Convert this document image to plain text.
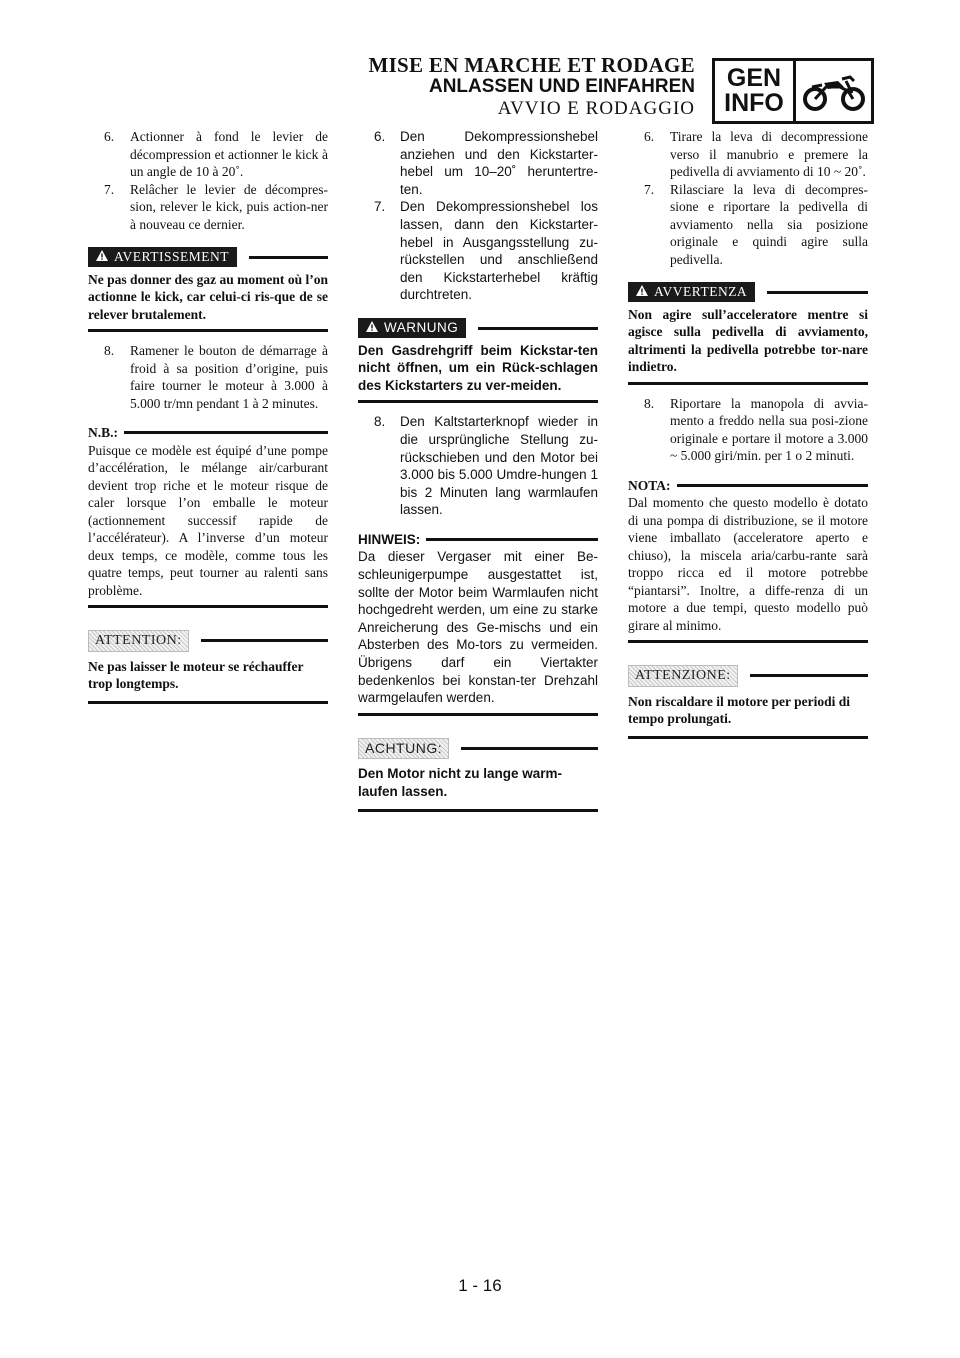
MISE EN MARCHE ET RODAGE
ANLASSEN UND EINFAHREN
AVVIO E RODAGGIO
GEN
INFO
6.	Actionner à fond le levier de décompression et actionner le kick à un angle de 10 à 20˚.
7.	Relâcher le levier de décompres-sion, relever le kick, puis action-ner à nouveau ce dernier.
AVERTISSEMENT
Ne pas donner des gaz au moment où l’on actionne le kick, car celui-ci ris-que de se relever brutalement.
8.	Ramener le bouton de démarrage à froid à sa position d’origine, puis faire tourner le moteur à 3.000 à 5.000 tr/mn pendant 1 à 2 minutes.
N.B.:
Puisque ce modèle est équipé d’une pompe d’accélération, le mélange air/carburant devient trop riche et le moteur risque de caler lorsque l’on emballe le moteur (actionnement successif rapide de l’accélérateur). A l’inverse d’un moteur deux temps, ce modèle, comme tous les quatre temps, peut tourner au ralenti sans problème.
ATTENTION:
Ne pas laisser le moteur se réchauffer trop longtemps.
6.	Den Dekompressionshebel anziehen und den Kickstarter-hebel um 10–20˚ heruntertre-ten.
7.	Den Dekompressionshebel los lassen, dann den Kickstarter-hebel in Ausgangsstellung zu-rückstellen und anschließend den Kickstarterhebel kräftig durchtreten.
WARNUNG
Den Gasdrehgriff beim Kickstar-ten nicht öffnen, um ein Rück-schlagen des Kickstarters zu ver-meiden.
8.	Den Kaltstarterknopf wieder in die ursprüngliche Stellung zu-rückschieben und den Motor bei 3.000 bis 5.000 Umdre-hungen 1 bis 2 Minuten lang warmlaufen lassen.
HINWEIS:
Da dieser Vergaser mit einer Be-schleunigerpumpe ausgestattet ist, sollte der Motor beim Warmlaufen nicht hochgedreht werden, um eine zu starke Anreicherung des Ge-mischs und ein Absterben des Mo-tors zu vermeiden. Übrigens darf ein Viertakter bedenkenlos bei konstan-ter Drehzahl warmgelaufen werden.
ACHTUNG:
Den Motor nicht zu lange warm-laufen lassen.
6.	Tirare la leva di decompressione verso il manubrio e premere la pedivella di avviamento di 10 ~ 20˚.
7.	Rilasciare la leva di decompres-sione e riportare la pedivella di avviamento nella sia posizione originale e quindi agire sulla pedivella.
AVVERTENZA
Non agire sull’acceleratore mentre si agisce sulla pedivella di avviamento, altrimenti la pedivella potrebbe tor-nare indietro.
8.	Riportare la manopola di avvia-mento a freddo nella sua posi-zione originale e portare il motore a 3.000 ~ 5.000 giri/min. per 1 o 2 minuti.
NOTA:
Dal momento che questo modello è dotato di una pompa di distribuzione, se il motore viene imballato (acceleratore aperto e chiuso), la miscela aria/carbu-rante sarà troppo ricca ed il motore potrebbe “piantarsi”. Inoltre, a diffe-renza di un motore a due tempi, questo modello può girare al minimo.
ATTENZIONE:
Non riscaldare il motore per periodi di tempo prolungati.
1 - 16
